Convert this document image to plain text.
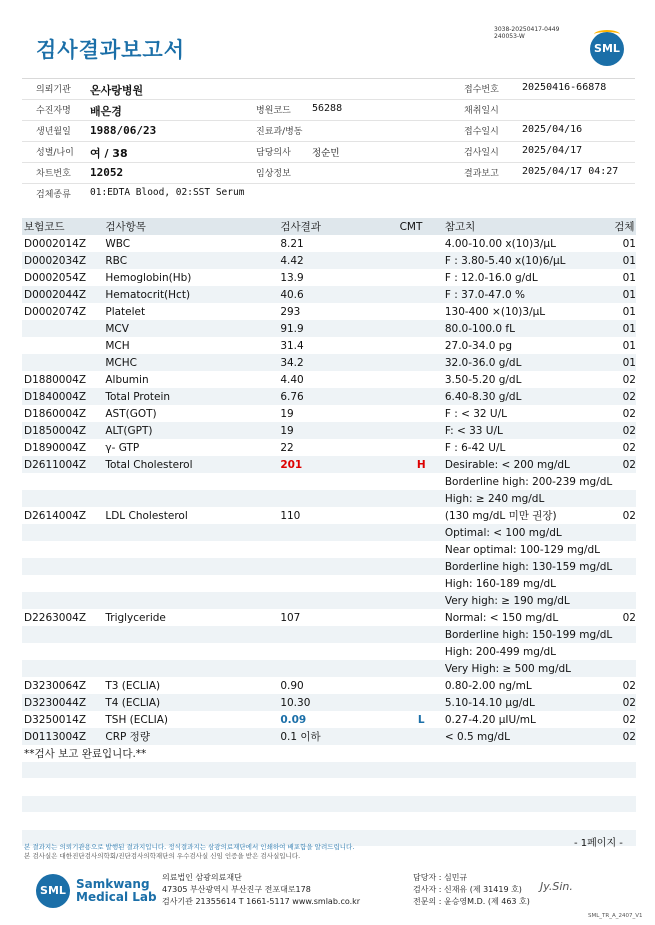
검사결과보고서
3038-20250417-0449
240053-W
SML
의뢰기관 온사랑병원	접수번호 20250416-66878
수진자명 배은경	병원코드 56288	채취일시
생년월일 1988/06/23	진료과/병동	접수일시 2025/04/16
성별/나이 여 / 38	담당의사 정순민	검사일시 2025/04/17
차트번호 12052	임상정보	결과보고 2025/04/17 04:27
검체종류 01:EDTA Blood, 02:SST Serum
보험코드	검사항목	검사결과	CMT	참고치	검체
D0002014Z	WBC	8.21		4.00-10.00 x(10)3/μL	01
D0002034Z	RBC	4.42		F : 3.80-5.40 x(10)6/μL	01
D0002054Z	Hemoglobin(Hb)	13.9		F : 12.0-16.0 g/dL	01
D0002044Z	Hematocrit(Hct)	40.6		F : 37.0-47.0 %	01
D0002074Z	Platelet	293		130-400 ×(10)3/μL	01
	MCV	91.9		80.0-100.0 fL	01
	MCH	31.4		27.0-34.0 pg	01
	MCHC	34.2		32.0-36.0 g/dL	01
D1880004Z	Albumin	4.40		3.50-5.20 g/dL	02
D1840004Z	Total Protein	6.76		6.40-8.30 g/dL	02
D1860004Z	AST(GOT)	19		F : < 32 U/L	02
D1850004Z	ALT(GPT)	19		F: < 33 U/L	02
D1890004Z	γ- GTP	22		F : 6-42 U/L	02
D2611004Z	Total Cholesterol	201	H	Desirable: < 200 mg/dL	02
				Borderline high: 200-239 mg/dL	
				High: ≥ 240 mg/dL	
D2614004Z	LDL Cholesterol	110		(130 mg/dL 미만 권장)	02
				Optimal: < 100 mg/dL	
				Near optimal: 100-129 mg/dL	
				Borderline high: 130-159 mg/dL	
				High: 160-189 mg/dL	
				Very high: ≥ 190 mg/dL	
D2263004Z	Triglyceride	107		Normal: < 150 mg/dL	02
				Borderline high: 150-199 mg/dL	
				High: 200-499 mg/dL	
				Very High: ≥ 500 mg/dL	
D3230064Z	T3 (ECLIA)	0.90		0.80-2.00 ng/mL	02
D3230044Z	T4 (ECLIA)	10.30		5.10-14.10 μg/dL	02
D3250014Z	TSH (ECLIA)	0.09	L	0.27-4.20 μIU/mL	02
D0113004Z	CRP 정량	0.1 이하		< 0.5 mg/dL	02
**검사 보고 완료입니다.**					
- 1페이지 -
본 결과지는 의뢰기관용으로 발행된 결과지입니다. 정식결과지는 삼광의료재단에서 인쇄하여 배포함을 알려드립니다.
본 검사실은 대한진단검사의학회/진단검사의학재단의 우수검사실 신임 인증을 받은 검사실입니다.
SML Samkwang
Medical Lab
의료법인 삼광의료재단
47305 부산광역시 부산진구 전포대로178
검사기관 21355614 T 1661-5117 www.smlab.co.kr
담당자 : 심민규
검사자 : 신재유 (제 31419 호)
전문의 : 윤승영M.D. (제 463 호)
Jy.Sin.
SML_TR_A_2407_V1
